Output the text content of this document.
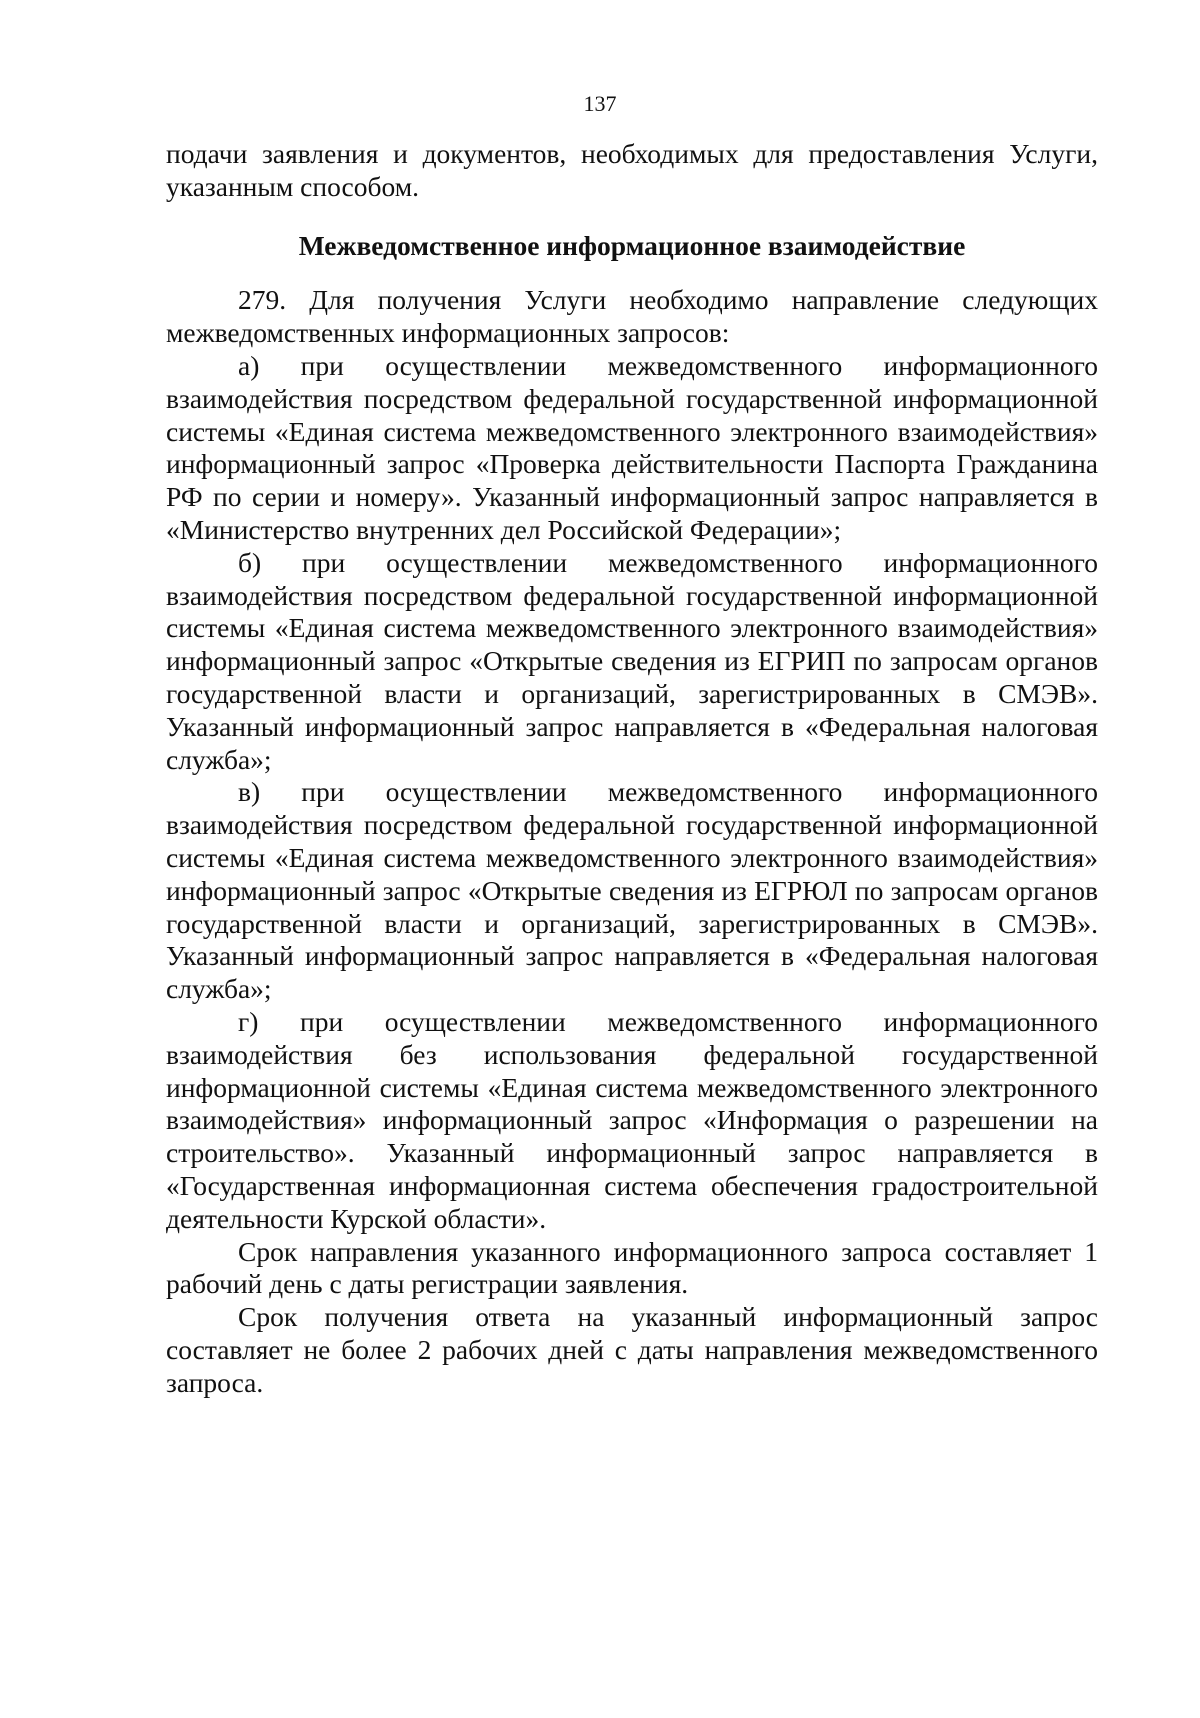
137

подачи заявления и документов, необходимых для предоставления Услуги, указанным способом.

Межведомственное информационное взаимодействие

279. Для получения Услуги необходимо направление следующих межведомственных информационных запросов:

а) при осуществлении межведомственного информационного взаимодействия посредством федеральной государственной информационной системы «Единая система межведомственного электронного взаимодействия» информационный запрос «Проверка действительности Паспорта Гражданина РФ по серии и номеру». Указанный информационный запрос направляется в «Министерство внутренних дел Российской Федерации»;

б) при осуществлении межведомственного информационного взаимодействия посредством федеральной государственной информационной системы «Единая система межведомственного электронного взаимодействия» информационный запрос «Открытые сведения из ЕГРИП по запросам органов государственной власти и организаций, зарегистрированных в СМЭВ». Указанный информационный запрос направляется в «Федеральная налоговая служба»;

в) при осуществлении межведомственного информационного взаимодействия посредством федеральной государственной информационной системы «Единая система межведомственного электронного взаимодействия» информационный запрос «Открытые сведения из ЕГРЮЛ по запросам органов государственной власти и организаций, зарегистрированных в СМЭВ». Указанный информационный запрос направляется в «Федеральная налоговая служба»;

г) при осуществлении межведомственного информационного взаимодействия без использования федеральной государственной информационной системы «Единая система межведомственного электронного взаимодействия» информационный запрос «Информация о разрешении на строительство». Указанный информационный запрос направляется в «Государственная информационная система обеспечения градостроительной деятельности Курской области».

Срок направления указанного информационного запроса составляет 1 рабочий день с даты регистрации заявления.

Срок получения ответа на указанный информационный запрос составляет не более 2 рабочих дней с даты направления межведомственного запроса.
